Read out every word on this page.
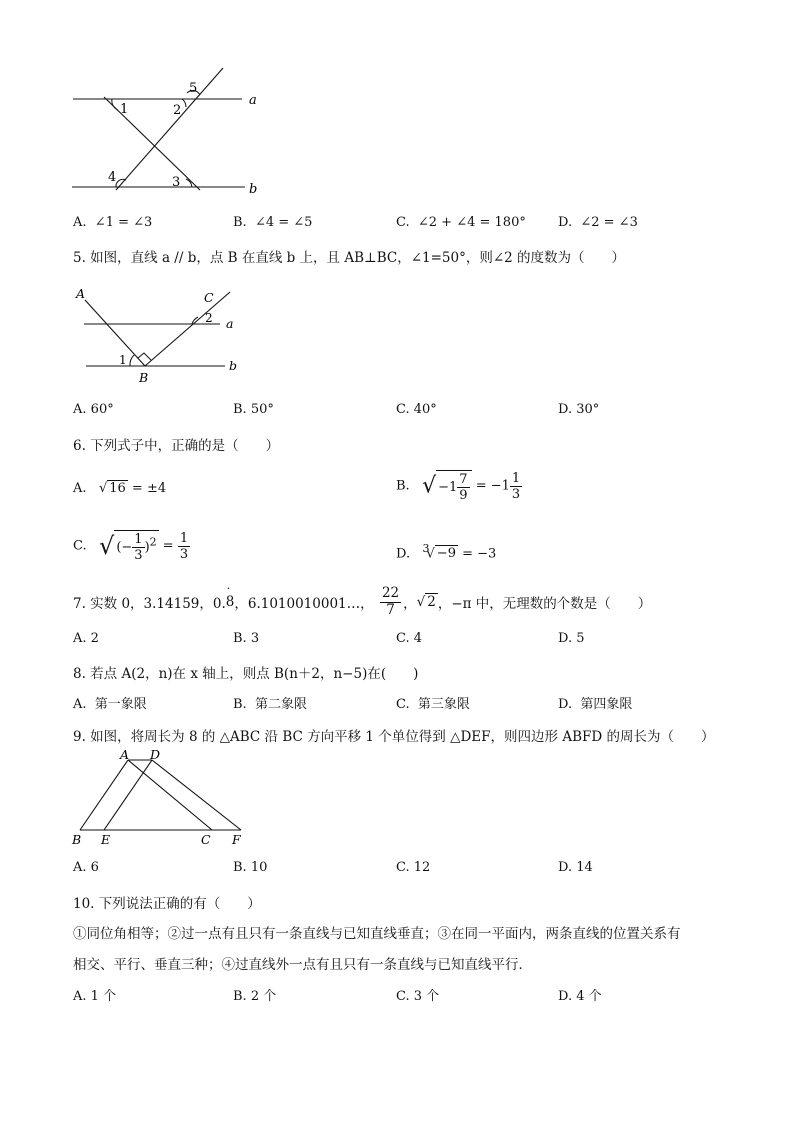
a
b
1	2
3
4
5
A. ∠1 = ∠3	B. ∠4 = ∠5	C. ∠2 + ∠4 = 180° D. ∠2 = ∠3
5. 如图，直线 a // b，点 B 在直线 b 上，且 AB⊥BC，∠1=50°，则∠2 的度数为（　　）
A
B
C
a
b
1
2
A. 60°	B. 50°	C. 40°	D. 30°
6. 下列式子中，正确的是（　　）
A. √ 16 = ±4	B. √ $-1 \frac{7}{9} = -1 \frac{1}{3}$
C. √ (− $\frac{1}{3} )^2 = \frac{1}{3}$	D. $^3$√ −9 = −3
7. 实数 0，3.14159，0.
·
8，6.1010010001…， $\frac{22}{7}$ ，√ 2 ，−π 中，无理数的个数是（　　）
A. 2	B. 3	C. 4	D. 5
8. 若点 A(2，n)在 x 轴上，则点 B(n＋2，n−5)在(　　)
A. 第一象限	B. 第二象限	C. 第三象限	D. 第四象限
9. 如图，将周长为 8 的 △ABC 沿 BC 方向平移 1 个单位得到 △DEF，则四边形 ABFD 的周长为（　　）
A D
B E	C F
A. 6	B. 10	C. 12	D. 14
10. 下列说法正确的有（　　）
①同位角相等；②过一点有且只有一条直线与已知直线垂直；③在同一平面内，两条直线的位置关系有
相交、平行、垂直三种；④过直线外一点有且只有一条直线与已知直线平行．
A. 1 个	B. 2 个	C. 3 个	D. 4 个
